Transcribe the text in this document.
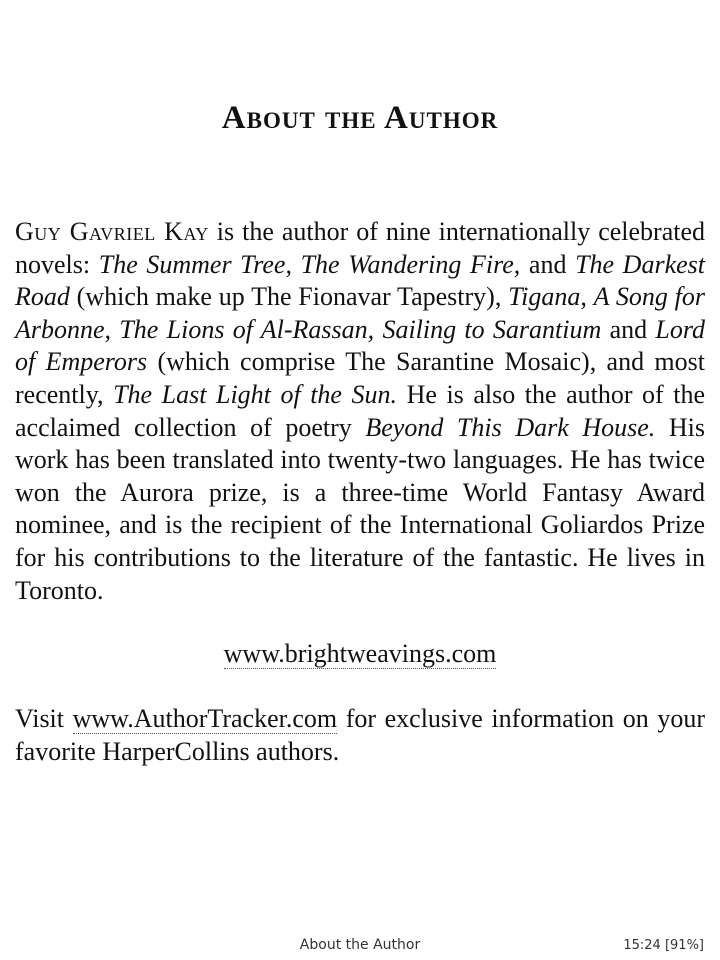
About the Author

Guy Gavriel Kay is the author of nine internationally celebrated novels: The Summer Tree, The Wandering Fire, and The Darkest Road (which make up The Fionavar Tapestry), Tigana, A Song for Arbonne, The Lions of Al-Rassan, Sailing to Sarantium and Lord of Emperors (which comprise The Sarantine Mosaic), and most recently, The Last Light of the Sun. He is also the author of the acclaimed collection of poetry Beyond This Dark House. His work has been translated into twenty-two languages. He has twice won the Aurora prize, is a three-time World Fantasy Award nominee, and is the recipient of the International Goliardos Prize for his contributions to the literature of the fantastic. He lives in Toronto.

www.brightweavings.com

Visit www.AuthorTracker.com for exclusive information on your favorite HarperCollins authors.

About the Author	15:24 [91%]
